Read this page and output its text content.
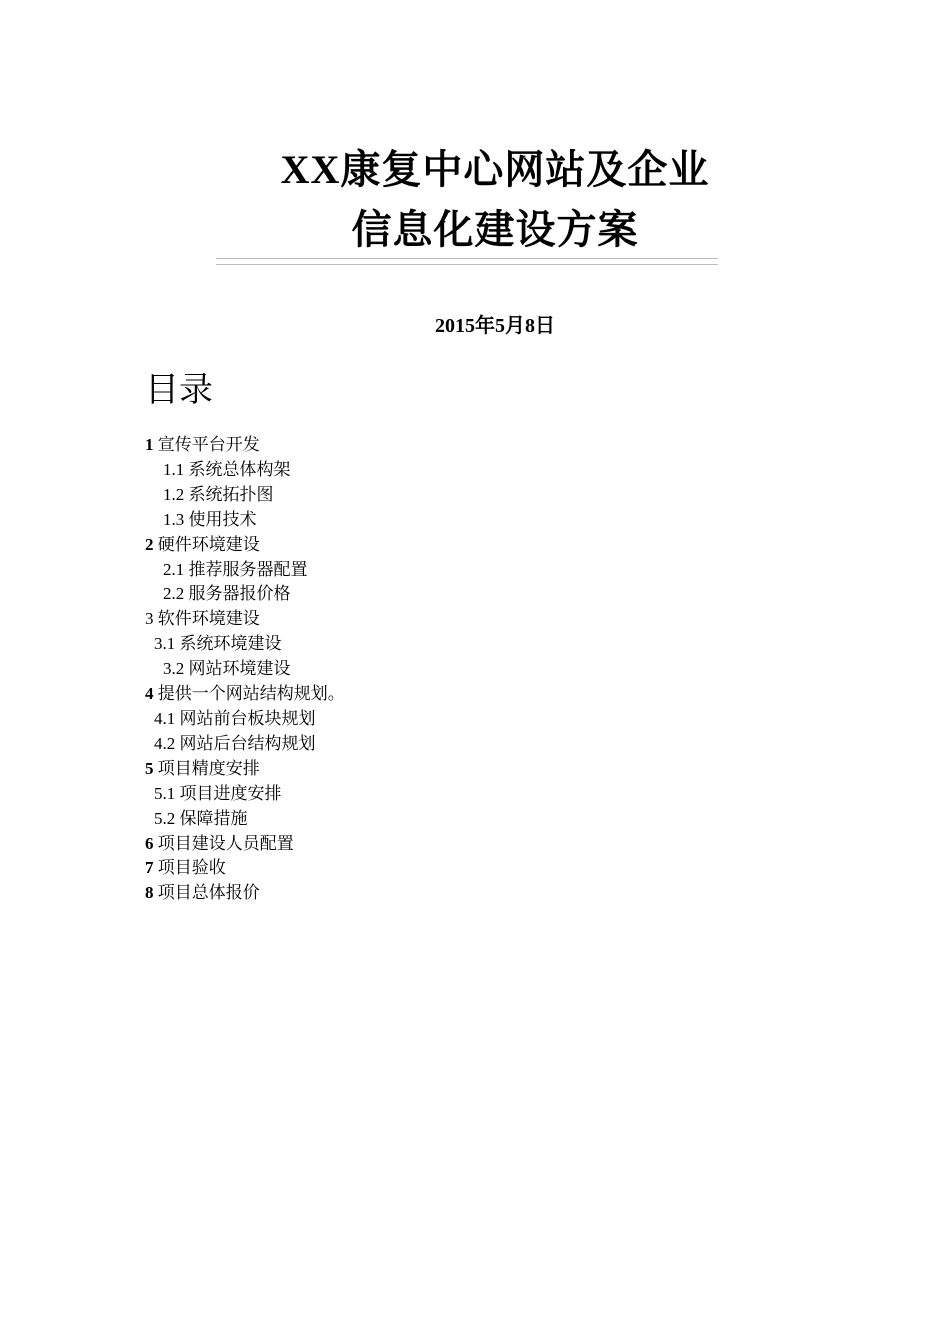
XX康复中心网站及企业
信息化建设方案
2015年5月8日
目录
1 宣传平台开发
1.1 系统总体构架
1.2 系统拓扑图
1.3 使用技术
2 硬件环境建设
2.1 推荐服务器配置
2.2 服务器报价格
3 软件环境建设
3.1 系统环境建设
3.2 网站环境建设
4 提供一个网站结构规划。
4.1 网站前台板块规划
4.2 网站后台结构规划
5 项目精度安排
5.1 项目进度安排
5.2 保障措施
6 项目建设人员配置
7 项目验收
8 项目总体报价
